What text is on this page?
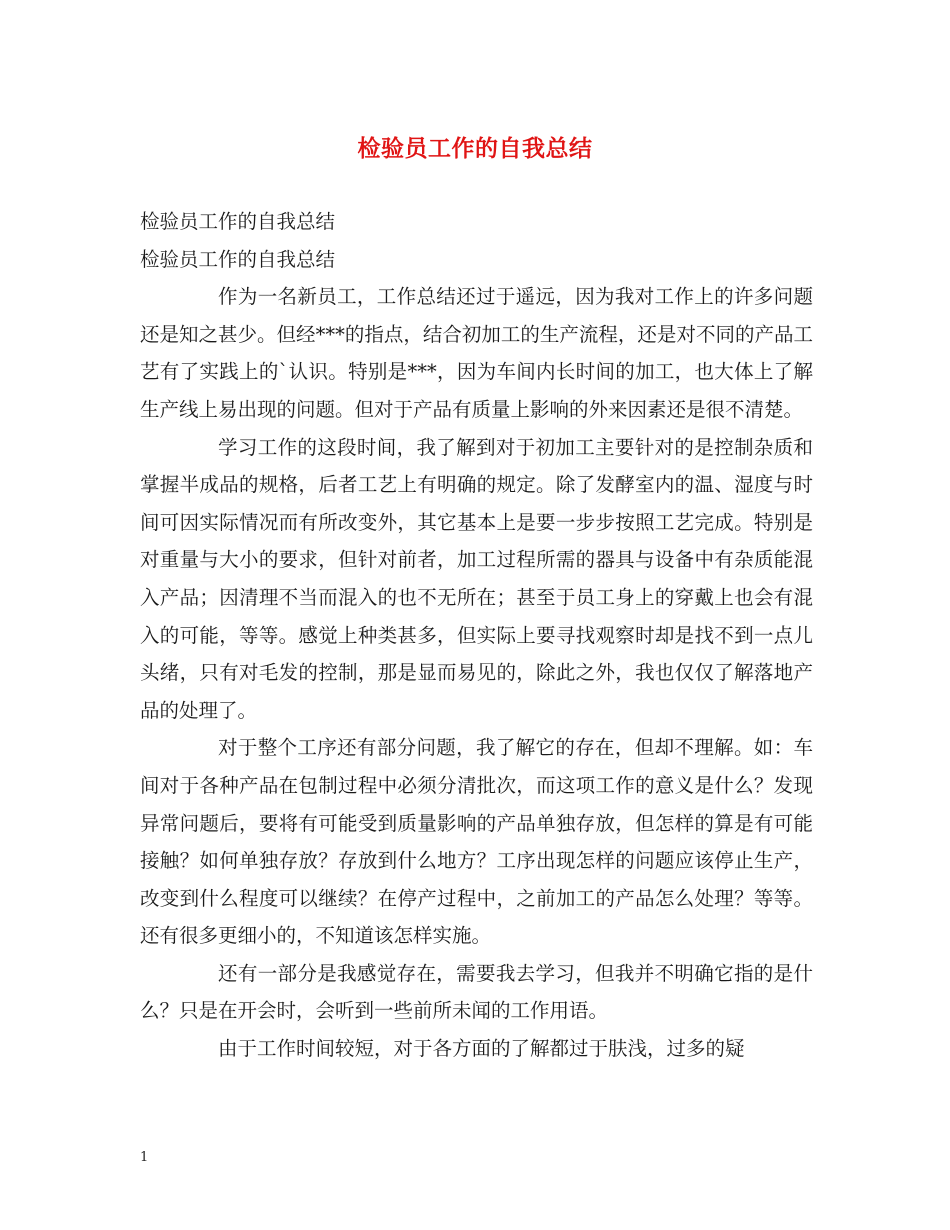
检验员工作的自我总结

检验员工作的自我总结

检验员工作的自我总结

作为一名新员工，工作总结还过于遥远，因为我对工作上的许多问题还是知之甚少。但经***的指点，结合初加工的生产流程，还是对不同的产品工艺有了实践上的`认识。特别是***，因为车间内长时间的加工，也大体上了解生产线上易出现的问题。但对于产品有质量上影响的外来因素还是很不清楚。

学习工作的这段时间，我了解到对于初加工主要针对的是控制杂质和掌握半成品的规格，后者工艺上有明确的规定。除了发酵室内的温、湿度与时间可因实际情况而有所改变外，其它基本上是要一步步按照工艺完成。特别是对重量与大小的要求，但针对前者，加工过程所需的器具与设备中有杂质能混入产品；因清理不当而混入的也不无所在；甚至于员工身上的穿戴上也会有混入的可能，等等。感觉上种类甚多，但实际上要寻找观察时却是找不到一点儿头绪，只有对毛发的控制，那是显而易见的，除此之外，我也仅仅了解落地产品的处理了。

对于整个工序还有部分问题，我了解它的存在，但却不理解。如：车间对于各种产品在包制过程中必须分清批次，而这项工作的意义是什么？发现异常问题后，要将有可能受到质量影响的产品单独存放，但怎样的算是有可能接触？如何单独存放？存放到什么地方？工序出现怎样的问题应该停止生产，改变到什么程度可以继续？在停产过程中，之前加工的产品怎么处理？等等。还有很多更细小的，不知道该怎样实施。

还有一部分是我感觉存在，需要我去学习，但我并不明确它指的是什么？只是在开会时，会听到一些前所未闻的工作用语。

由于工作时间较短，对于各方面的了解都过于肤浅，过多的疑

1
